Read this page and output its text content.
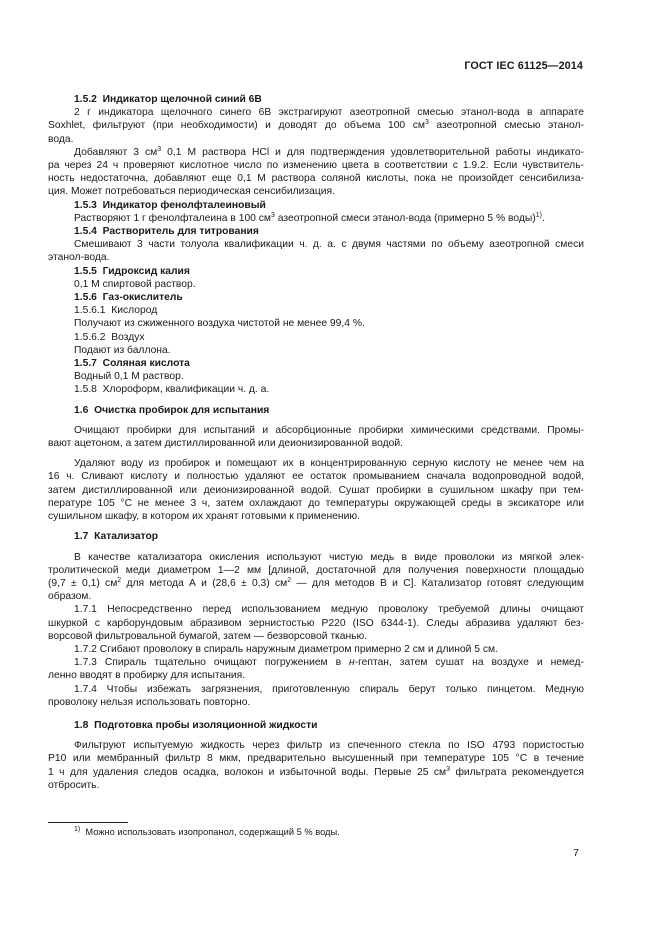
ГОСТ IEC 61125—2014
1.5.2 Индикатор щелочной синий 6В
2 г индикатора щелочного синего 6В экстрагируют азеотропной смесью этанол-вода в аппарате
Soxhlet, фильтруют (при необходимости) и доводят до объема 100 $см^3$ азеотропной смесью этанол-
вода.
Добавляют 3 $см^3$ 0,1 М раствора HCl и для подтверждения удовлетворительной работы индикато-
ра через 24 ч проверяют кислотное число по изменению цвета в соответствии с 1.9.2. Если чувствитель-
ность недостаточна, добавляют еще 0,1 М раствора соляной кислоты, пока не произойдет сенсибилиза-
ция. Может потребоваться периодическая сенсибилизация.
1.5.3 Индикатор фенолфталеиновый
Растворяют 1 г фенолфталеина в 100 $см^3$ азеотропной смеси этанол-вода (примерно 5 % воды)$^{1)}$.
1.5.4 Растворитель для титрования
Смешивают 3 части толуола квалификации ч. д. а. с двумя частями по объему азеотропной смеси
этанол-вода.
1.5.5 Гидроксид калия
0,1 М спиртовой раствор.
1.5.6 Газ-окислитель
1.5.6.1 Кислород
Получают из сжиженного воздуха чистотой не менее 99,4 %.
1.5.6.2 Воздух
Подают из баллона.
1.5.7 Соляная кислота
Водный 0,1 М раствор.
1.5.8 Хлороформ, квалификации ч. д. а.
1.6 Очистка пробирок для испытания
Очищают пробирки для испытаний и абсорбционные пробирки химическими средствами. Промы-
вают ацетоном, а затем дистиллированной или деионизированной водой.
Удаляют воду из пробирок и помещают их в концентрированную серную кислоту не менее чем на
16 ч. Сливают кислоту и полностью удаляют ее остаток промыванием сначала водопроводной водой,
затем дистиллированной или деионизированной водой. Сушат пробирки в сушильном шкафу при тем-
пературе 105 °С не менее 3 ч, затем охлаждают до температуры окружающей среды в эксикаторе или
сушильном шкафу, в котором их хранят готовыми к применению.
1.7 Катализатор
В качестве катализатора окисления используют чистую медь в виде проволоки из мягкой элек-
тролитической меди диаметром 1—2 мм [длиной, достаточной для получения поверхности площадью
(9,7 ± 0,1) $см^2$ для метода А и (28,6 ± 0,3) $см^2$ — для методов В и С]. Катализатор готовят следующим
образом.
1.7.1 Непосредственно перед использованием медную проволоку требуемой длины очищают
шкуркой с карборундовым абразивом зернистостью Р220 (ISO 6344-1). Следы абразива удаляют без-
ворсовой фильтровальной бумагой, затем — безворсовой тканью.
1.7.2 Сгибают проволоку в спираль наружным диаметром примерно 2 см и длиной 5 см.
1.7.3 Спираль тщательно очищают погружением в н-гептан, затем сушат на воздухе и немед-
ленно вводят в пробирку для испытания.
1.7.4 Чтобы избежать загрязнения, приготовленную спираль берут только пинцетом. Медную
проволоку нельзя использовать повторно.
1.8 Подготовка пробы изоляционной жидкости
Фильтруют испытуемую жидкость через фильтр из спеченного стекла по ISO 4793 пористостью
Р10 или мембранный фильтр 8 мкм, предварительно высушенный при температуре 105 °С в течение
1 ч для удаления следов осадка, волокон и избыточной воды. Первые 25 $см^3$ фильтрата рекомендуется
отбросить.
$^{1)}$ Можно использовать изопропанол, содержащий 5 % воды.
7
